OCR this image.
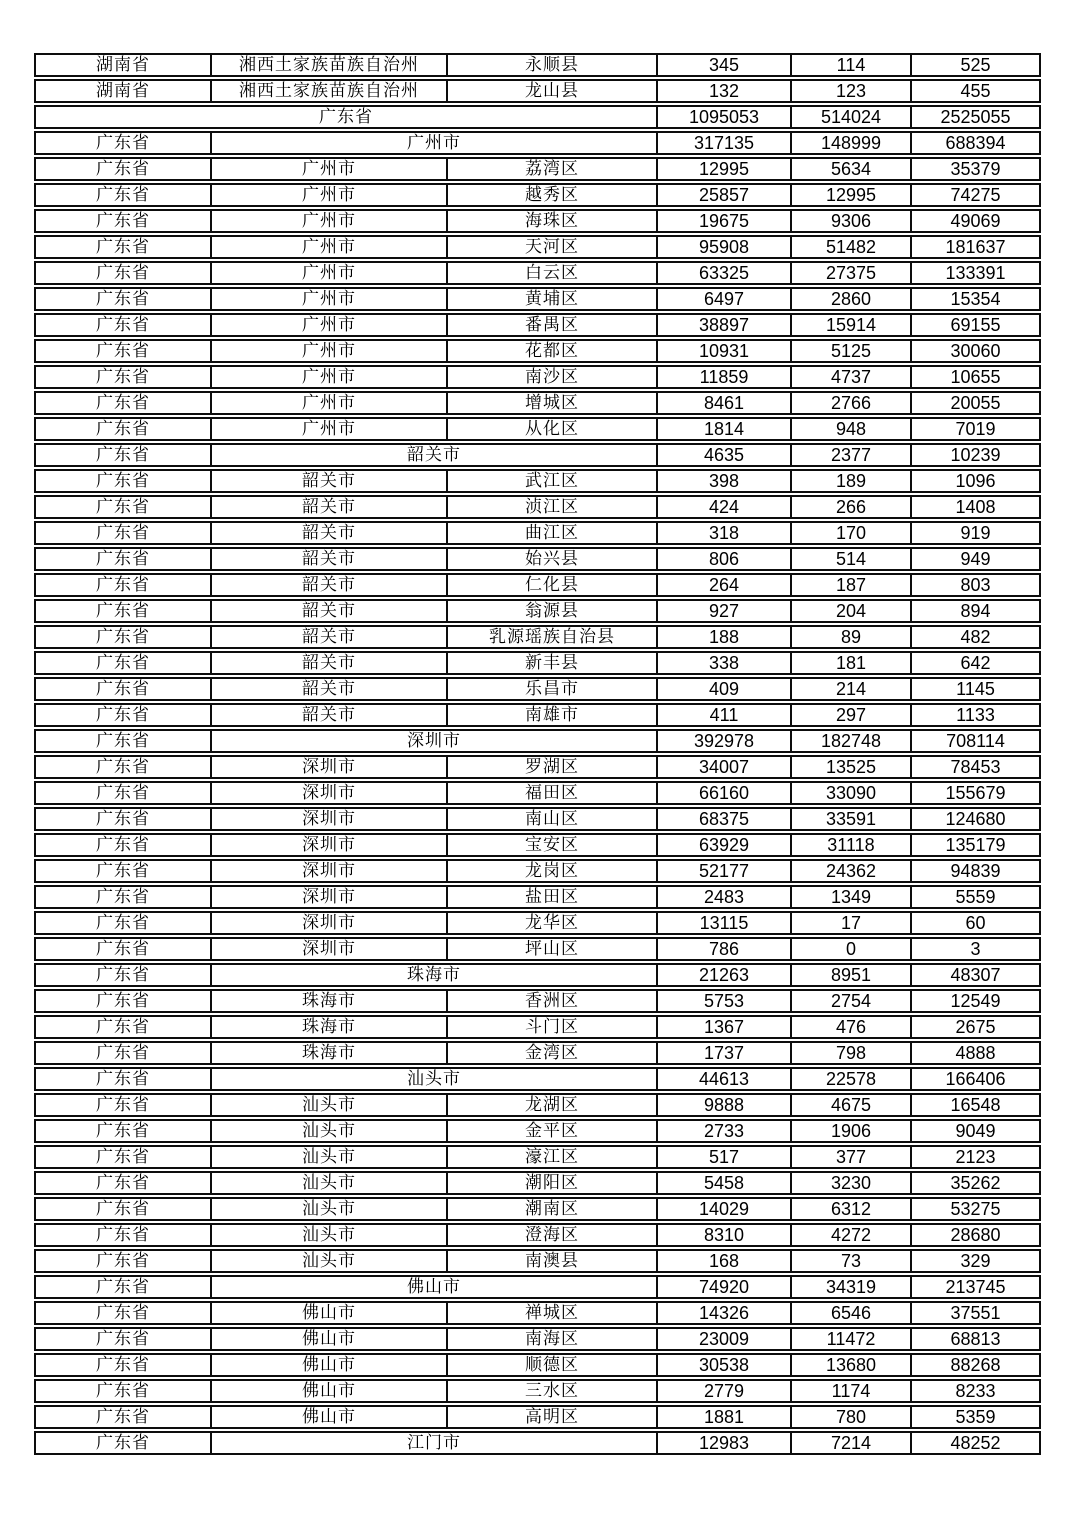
湖南省	湘西土家族苗族自治州	永顺县	345	114	525
湖南省	湘西土家族苗族自治州	龙山县	132	123	455
广东省	1095053	514024	2525055
广东省	广州市	317135	148999	688394
广东省	广州市	荔湾区	12995	5634	35379
广东省	广州市	越秀区	25857	12995	74275
广东省	广州市	海珠区	19675	9306	49069
广东省	广州市	天河区	95908	51482	181637
广东省	广州市	白云区	63325	27375	133391
广东省	广州市	黄埔区	6497	2860	15354
广东省	广州市	番禺区	38897	15914	69155
广东省	广州市	花都区	10931	5125	30060
广东省	广州市	南沙区	11859	4737	10655
广东省	广州市	增城区	8461	2766	20055
广东省	广州市	从化区	1814	948	7019
广东省	韶关市	4635	2377	10239
广东省	韶关市	武江区	398	189	1096
广东省	韶关市	浈江区	424	266	1408
广东省	韶关市	曲江区	318	170	919
广东省	韶关市	始兴县	806	514	949
广东省	韶关市	仁化县	264	187	803
广东省	韶关市	翁源县	927	204	894
广东省	韶关市	乳源瑶族自治县	188	89	482
广东省	韶关市	新丰县	338	181	642
广东省	韶关市	乐昌市	409	214	1145
广东省	韶关市	南雄市	411	297	1133
广东省	深圳市	392978	182748	708114
广东省	深圳市	罗湖区	34007	13525	78453
广东省	深圳市	福田区	66160	33090	155679
广东省	深圳市	南山区	68375	33591	124680
广东省	深圳市	宝安区	63929	31118	135179
广东省	深圳市	龙岗区	52177	24362	94839
广东省	深圳市	盐田区	2483	1349	5559
广东省	深圳市	龙华区	13115	17	60
广东省	深圳市	坪山区	786	0	3
广东省	珠海市	21263	8951	48307
广东省	珠海市	香洲区	5753	2754	12549
广东省	珠海市	斗门区	1367	476	2675
广东省	珠海市	金湾区	1737	798	4888
广东省	汕头市	44613	22578	166406
广东省	汕头市	龙湖区	9888	4675	16548
广东省	汕头市	金平区	2733	1906	9049
广东省	汕头市	濠江区	517	377	2123
广东省	汕头市	潮阳区	5458	3230	35262
广东省	汕头市	潮南区	14029	6312	53275
广东省	汕头市	澄海区	8310	4272	28680
广东省	汕头市	南澳县	168	73	329
广东省	佛山市	74920	34319	213745
广东省	佛山市	禅城区	14326	6546	37551
广东省	佛山市	南海区	23009	11472	68813
广东省	佛山市	顺德区	30538	13680	88268
广东省	佛山市	三水区	2779	1174	8233
广东省	佛山市	高明区	1881	780	5359
广东省	江门市	12983	7214	48252
